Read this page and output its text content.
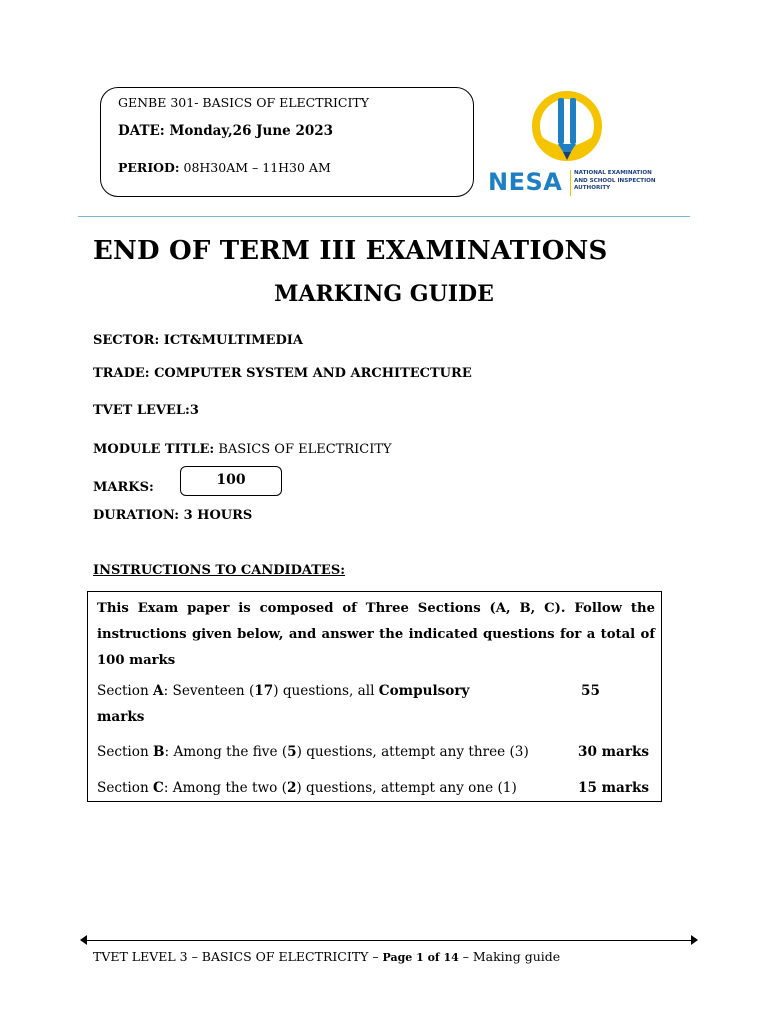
GENBE 301- BASICS OF ELECTRICITY
DATE: Monday,26 June 2023
PERIOD: 08H30AM – 11H30 AM
NESA NATIONAL EXAMINATION
AND SCHOOL INSPECTION
AUTHORITY
END OF TERM III EXAMINATIONS
MARKING GUIDE
SECTOR: ICT&MULTIMEDIA
TRADE: COMPUTER SYSTEM AND ARCHITECTURE
TVET LEVEL:3
MODULE TITLE: BASICS OF ELECTRICITY
MARKS:	100
DURATION: 3 HOURS
INSTRUCTIONS TO CANDIDATES:
This Exam paper is composed of Three Sections (A, B, C). Follow the instructions given below, and answer the indicated questions for a total of 100 marks
Section A: Seventeen (17) questions, all Compulsory	55
marks
Section B: Among the five (5) questions, attempt any three (3)	30 marks
Section C: Among the two (2) questions, attempt any one (1)	15 marks
TVET LEVEL 3 – BASICS OF ELECTRICITY – Page 1 of 14 – Making guide
